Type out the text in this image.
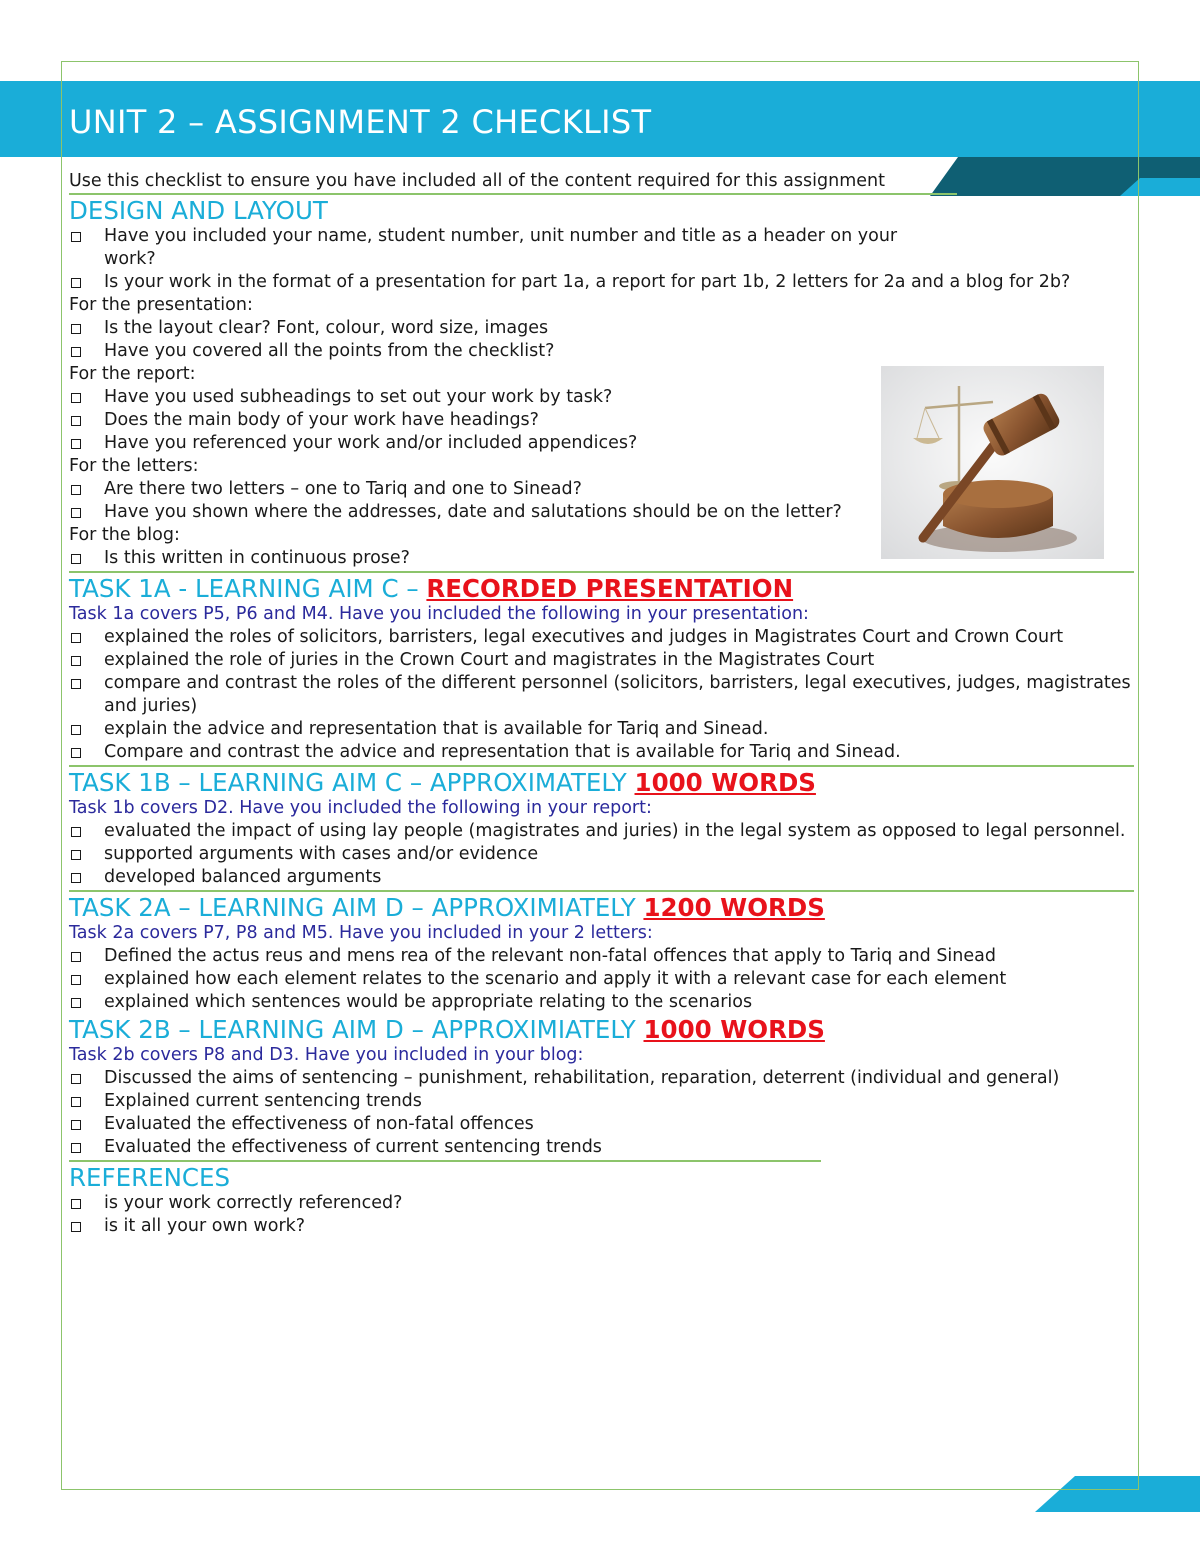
UNIT 2 – ASSIGNMENT 2 CHECKLIST
Use this checklist to ensure you have included all of the content required for this assignment
DESIGN AND LAYOUT
Have you included your name, student number, unit number and title as a header on your work?
Is your work in the format of a presentation for part 1a, a report for part 1b, 2 letters for 2a and a blog for 2b?
For the presentation:
Is the layout clear? Font, colour, word size, images
Have you covered all the points from the checklist?
For the report:
Have you used subheadings to set out your work by task?
Does the main body of your work have headings?
Have you referenced your work and/or included appendices?
For the letters:
Are there two letters – one to Tariq and one to Sinead?
Have you shown where the addresses, date and salutations should be on the letter?
For the blog:
Is this written in continuous prose?
TASK 1A - LEARNING AIM C – RECORDED PRESENTATION
Task 1a covers P5, P6 and M4. Have you included the following in your presentation:
explained the roles of solicitors, barristers, legal executives and judges in Magistrates Court and Crown Court
explained the role of juries in the Crown Court and magistrates in the Magistrates Court
compare and contrast the roles of the different personnel (solicitors, barristers, legal executives, judges, magistrates and juries)
explain the advice and representation that is available for Tariq and Sinead.
Compare and contrast the advice and representation that is available for Tariq and Sinead.
TASK 1B – LEARNING AIM C – APPROXIMATELY 1000 WORDS
Task 1b covers D2. Have you included the following in your report:
evaluated the impact of using lay people (magistrates and juries) in the legal system as opposed to legal personnel.
supported arguments with cases and/or evidence
developed balanced arguments
TASK 2A – LEARNING AIM D – APPROXIMIATELY 1200 WORDS
Task 2a covers P7, P8 and M5. Have you included in your 2 letters:
Defined the actus reus and mens rea of the relevant non-fatal offences that apply to Tariq and Sinead
explained how each element relates to the scenario and apply it with a relevant case for each element
explained which sentences would be appropriate relating to the scenarios
TASK 2B – LEARNING AIM D – APPROXIMIATELY 1000 WORDS
Task 2b covers P8 and D3. Have you included in your blog:
Discussed the aims of sentencing – punishment, rehabilitation, reparation, deterrent (individual and general)
Explained current sentencing trends
Evaluated the effectiveness of non-fatal offences
Evaluated the effectiveness of current sentencing trends
REFERENCES
is your work correctly referenced?
is it all your own work?
